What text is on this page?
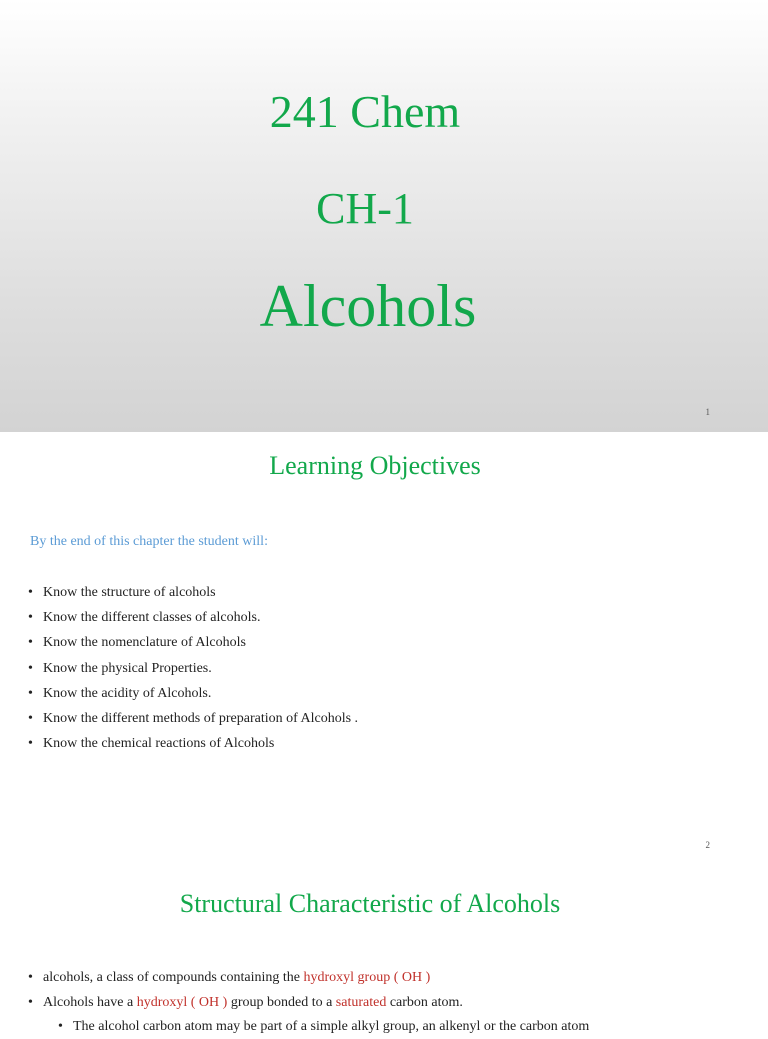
241 Chem
CH-1
Alcohols
1
Learning Objectives
By the end of this chapter the student will:
• Know the structure of alcohols
• Know the different classes of alcohols.
• Know the nomenclature of Alcohols
• Know the physical Properties.
• Know the acidity of Alcohols.
• Know the different methods of preparation of Alcohols .
• Know the chemical reactions of Alcohols
2
Structural Characteristic of Alcohols
• alcohols, a class of compounds containing the hydroxyl group ( OH )
• Alcohols have a hydroxyl ( OH ) group bonded to a saturated carbon atom.
• The alcohol carbon atom may be part of a simple alkyl group, an alkenyl or the carbon atom
